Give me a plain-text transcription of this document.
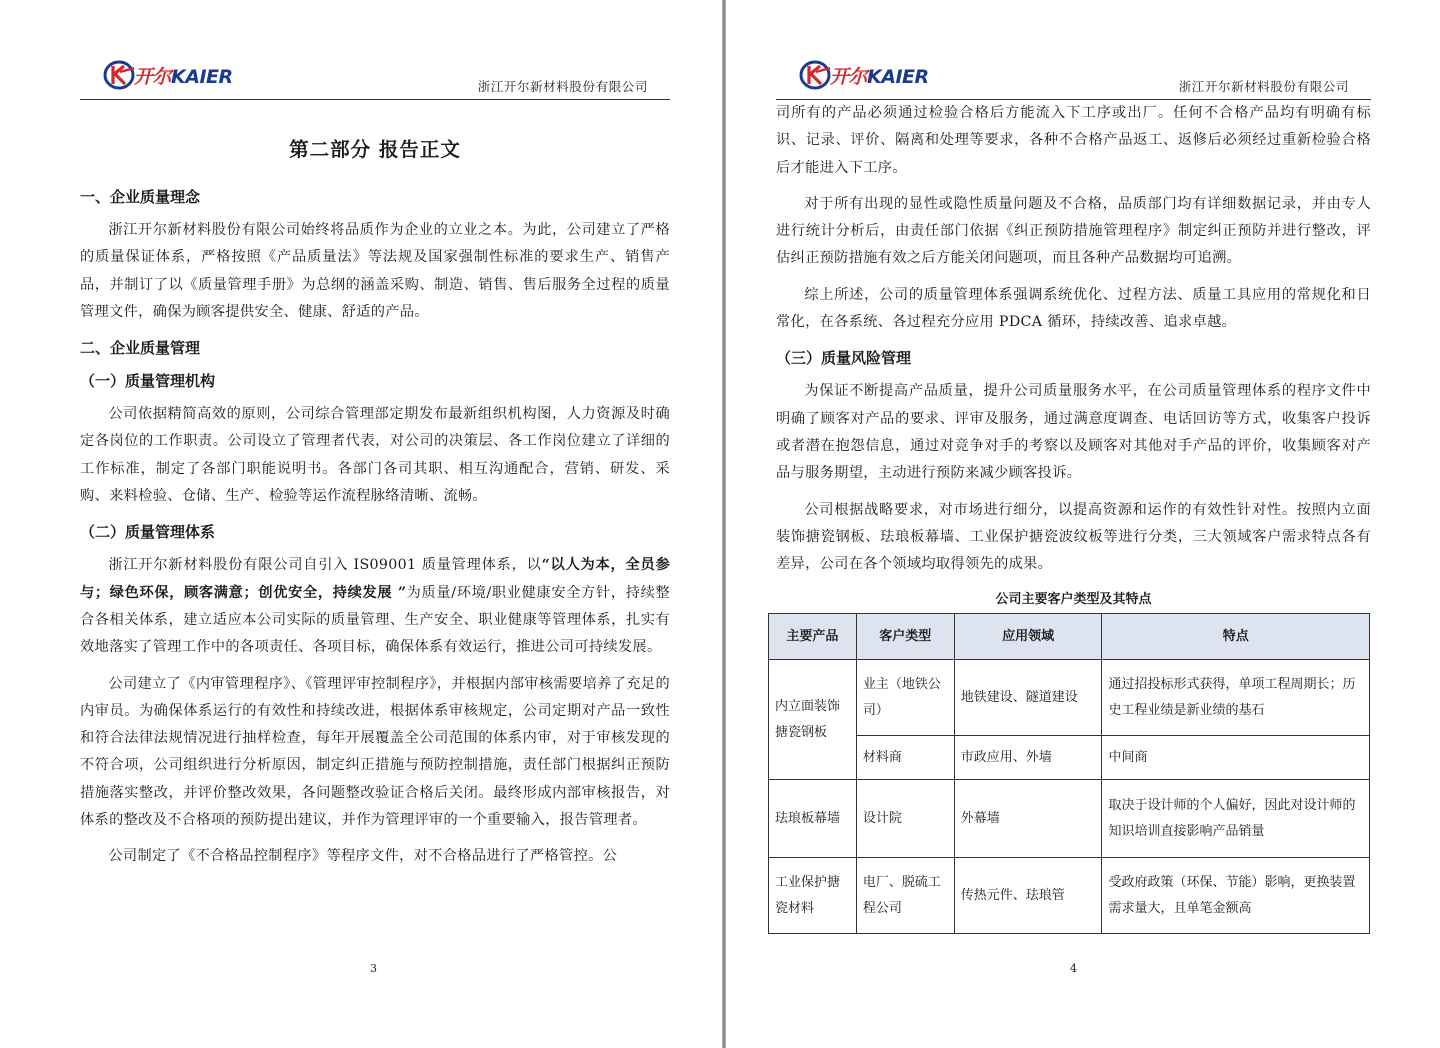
开尔KAIER	浙江开尔新材料股份有限公司
第二部分 报告正文
一、企业质量理念

浙江开尔新材料股份有限公司始终将品质作为企业的立业之本。为此，公司建立了严格的质量保证体系，严格按照《产品质量法》等法规及国家强制性标准的要求生产、销售产品，并制订了以《质量管理手册》为总纲的涵盖采购、制造、销售、售后服务全过程的质量管理文件，确保为顾客提供安全、健康、舒适的产品。

二、企业质量管理
（一）质量管理机构

公司依据精简高效的原则，公司综合管理部定期发布最新组织机构图，人力资源及时确定各岗位的工作职责。公司设立了管理者代表，对公司的决策层、各工作岗位建立了详细的工作标准，制定了各部门职能说明书。各部门各司其职、相互沟通配合，营销、研发、采购、来料检验、仓储、生产、检验等运作流程脉络清晰、流畅。

（二）质量管理体系

浙江开尔新材料股份有限公司自引入 IS09001 质量管理体系，以“以人为本，全员参与；绿色环保，顾客满意；创优安全，持续发展 ”为质量/环境/职业健康安全方针，持续整合各相关体系，建立适应本公司实际的质量管理、生产安全、职业健康等管理体系，扎实有效地落实了管理工作中的各项责任、各项目标，确保体系有效运行，推进公司可持续发展。

公司建立了《内审管理程序》、《管理评审控制程序》，并根据内部审核需要培养了充足的内审员。为确保体系运行的有效性和持续改进，根据体系审核规定，公司定期对产品一致性和符合法律法规情况进行抽样检查，每年开展覆盖全公司范围的体系内审，对于审核发现的不符合项，公司组织进行分析原因，制定纠正措施与预防控制措施，责任部门根据纠正预防措施落实整改，并评价整改效果，各问题整改验证合格后关闭。最终形成内部审核报告，对体系的整改及不合格项的预防提出建议，并作为管理评审的一个重要输入，报告管理者。

公司制定了《不合格品控制程序》等程序文件，对不合格品进行了严格管控。公

3
开尔KAIER	浙江开尔新材料股份有限公司

司所有的产品必须通过检验合格后方能流入下工序或出厂。任何不合格产品均有明确有标识、记录、评价、隔离和处理等要求，各种不合格产品返工、返修后必须经过重新检验合格后才能进入下工序。

对于所有出现的显性或隐性质量问题及不合格，品质部门均有详细数据记录，并由专人进行统计分析后，由责任部门依据《纠正预防措施管理程序》制定纠正预防并进行整改，评估纠正预防措施有效之后方能关闭问题项，而且各种产品数据均可追溯。

综上所述，公司的质量管理体系强调系统优化、过程方法、质量工具应用的常规化和日常化，在各系统、各过程充分应用 PDCA 循环，持续改善、追求卓越。

（三）质量风险管理

为保证不断提高产品质量，提升公司质量服务水平，在公司质量管理体系的程序文件中明确了顾客对产品的要求、评审及服务，通过满意度调查、电话回访等方式，收集客户投诉或者潜在抱怨信息，通过对竞争对手的考察以及顾客对其他对手产品的评价，收集顾客对产品与服务期望，主动进行预防来减少顾客投诉。

公司根据战略要求，对市场进行细分，以提高资源和运作的有效性针对性。按照内立面装饰搪瓷钢板、珐琅板幕墙、工业保护搪瓷波纹板等进行分类，三大领域客户需求特点各有差异，公司在各个领域均取得领先的成果。

公司主要客户类型及其特点
主要产品	客户类型	应用领域	特点
内立面装饰搪瓷钢板	业主（地铁公司）	地铁建设、隧道建设	通过招投标形式获得，单项工程周期长；历史工程业绩是新业绩的基石
	材料商	市政应用、外墙	中间商
珐琅板幕墙	设计院	外幕墙	取决于设计师的个人偏好，因此对设计师的知识培训直接影响产品销量
工业保护搪瓷材料	电厂、脱硫工程公司	传热元件、珐琅管	受政府政策（环保、节能）影响，更换装置需求量大，且单笔金额高
4
